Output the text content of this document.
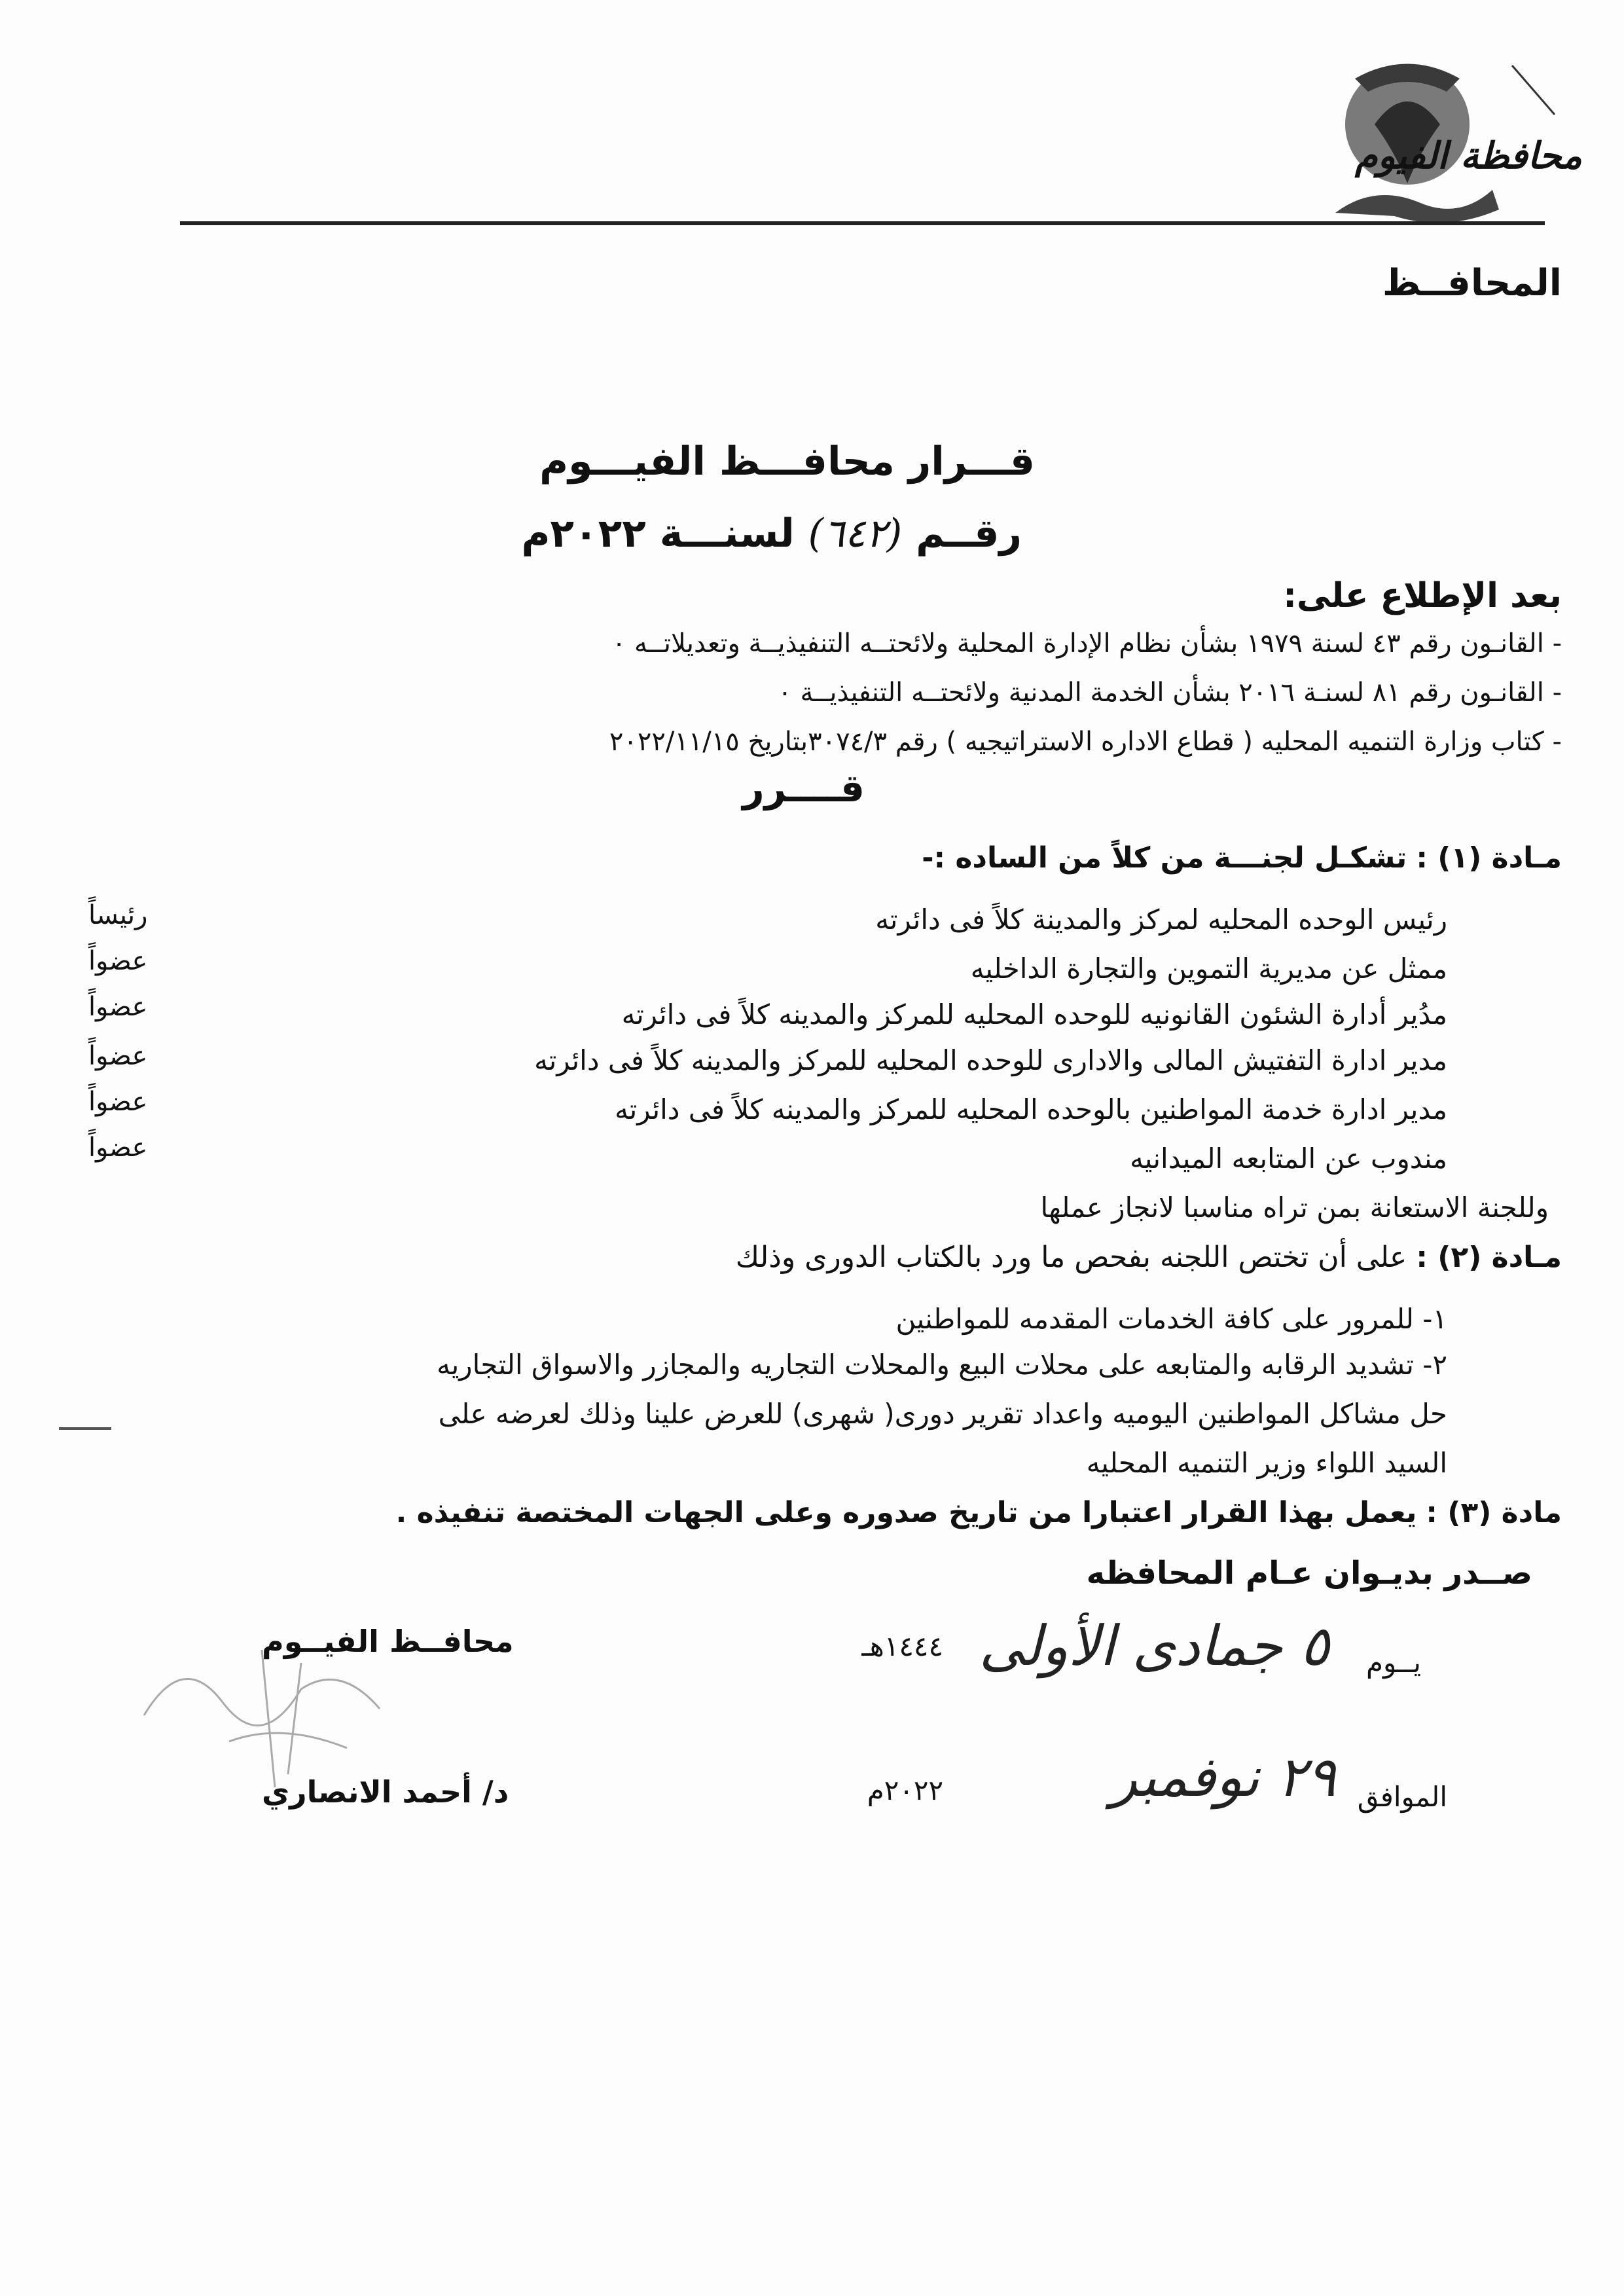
محافظة الفيوم
المحافــظ
قـــرار محافـــظ الفيـــوم
رقــم (٦٤٢) لسنـــة ٢٠٢٢م
بعد الإطلاع على:
- القانـون رقم ٤٣ لسنة ١٩٧٩ بشأن نظام الإدارة المحلية ولائحتــه التنفيذيــة وتعديلاتــه ٠
- القانـون رقم ٨١ لسنـة ٢٠١٦ بشأن الخدمة المدنية ولائحتــه التنفيذيــة ٠
- كتاب وزارة التنميه المحليه ( قطاع الاداره الاستراتيجيه ) رقم ٣٠٧٤/٣بتاريخ ٢٠٢٢/١١/١٥
قــــرر
مـادة (١) : تشكـل لجنـــة من كلاً من الساده :-
رئيس الوحده المحليه لمركز والمدينة كلاً فى دائرته
ممثل عن مديرية التموين والتجارة الداخليه
مدُير أدارة الشئون القانونيه للوحده المحليه للمركز والمدينه كلاً فى دائرته
مدير ادارة التفتيش المالى والادارى للوحده المحليه للمركز والمدينه كلاً فى دائرته
مدير ادارة خدمة المواطنين بالوحده المحليه للمركز والمدينه كلاً فى دائرته
مندوب عن المتابعه الميدانيه
رئيساً
عضواً
عضواً
عضواً
عضواً
عضواً
وللجنة الاستعانة بمن تراه مناسبا لانجاز عملها
مـادة (٢) : على أن تختص اللجنه بفحص ما ورد بالكتاب الدورى وذلك
١- للمرور على كافة الخدمات المقدمه للمواطنين
٢- تشديد الرقابه والمتابعه على محلات البيع والمحلات التجاريه والمجازر والاسواق التجاريه
حل مشاكل المواطنين اليوميه واعداد تقرير دورى( شهرى) للعرض علينا وذلك لعرضه على
السيد اللواء وزير التنميه المحليه
مادة (٣) : يعمل بهذا القرار اعتبارا من تاريخ صدوره وعلى الجهات المختصة تنفيذه .
صــدر بديـوان عـام المحافظه
يــوم
٥ جمادى الأولى
١٤٤٤هـ
الموافق
٢٩ نوفمبر
٢٠٢٢م
محافــظ الفيــوم
د/ أحمد الانصاري
